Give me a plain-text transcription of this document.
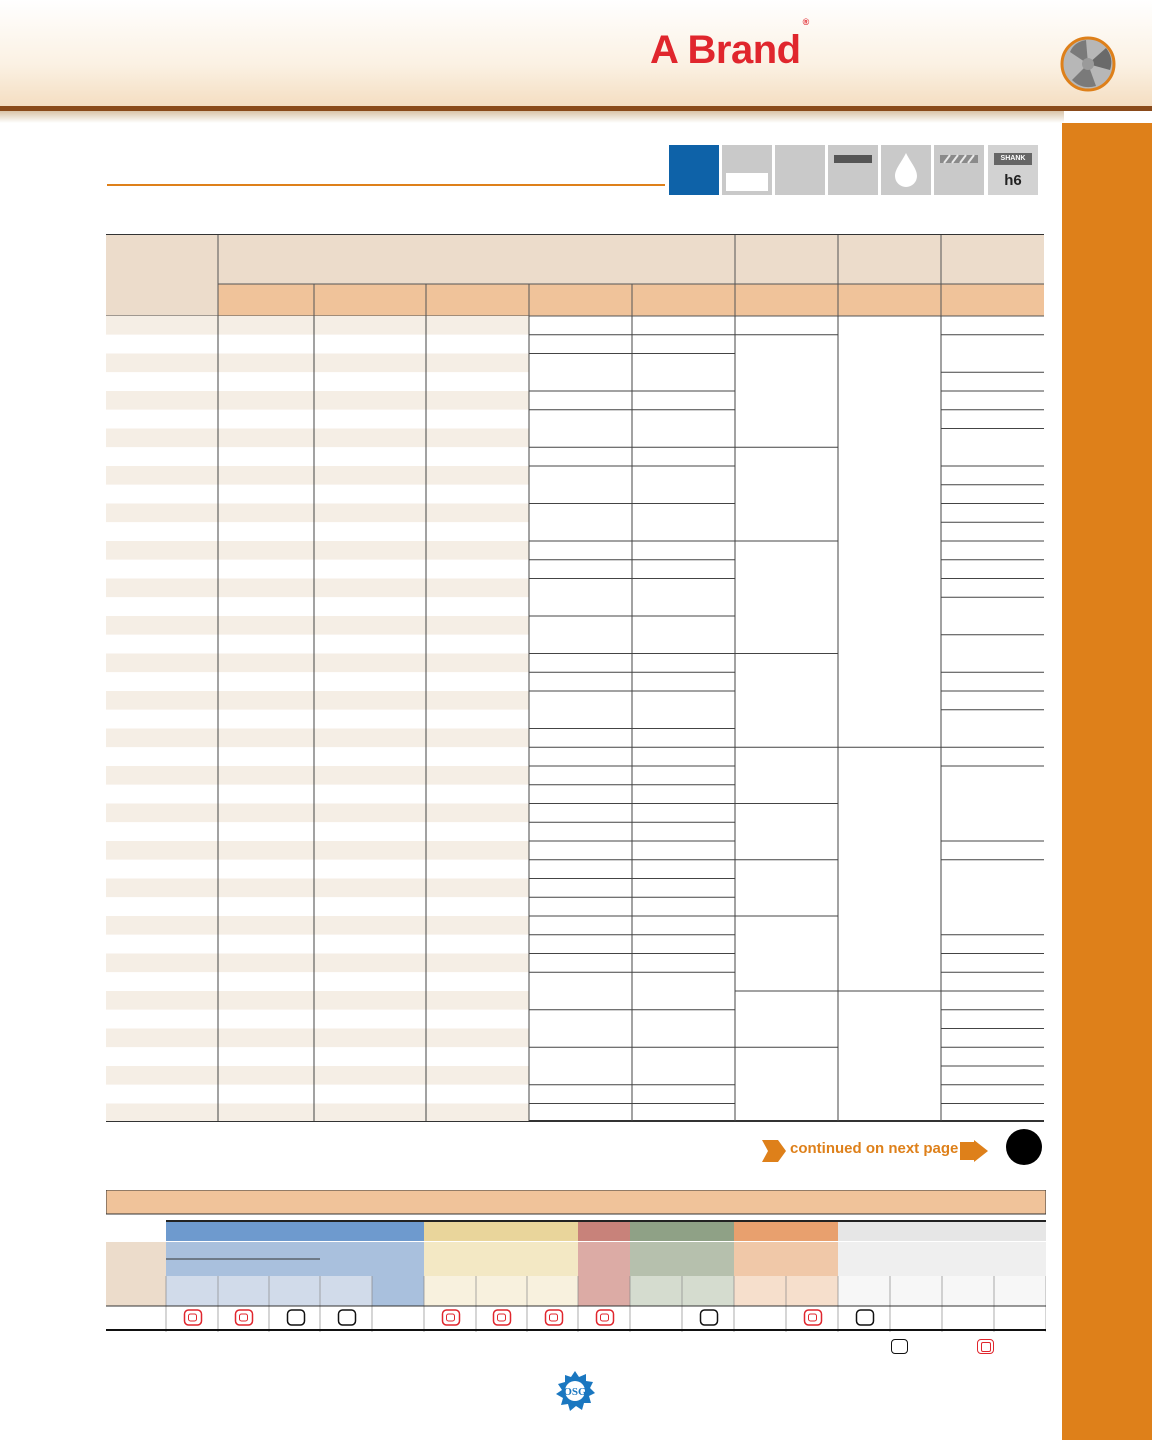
A Brand®
SHANK
h6
continued on next page
OSG
